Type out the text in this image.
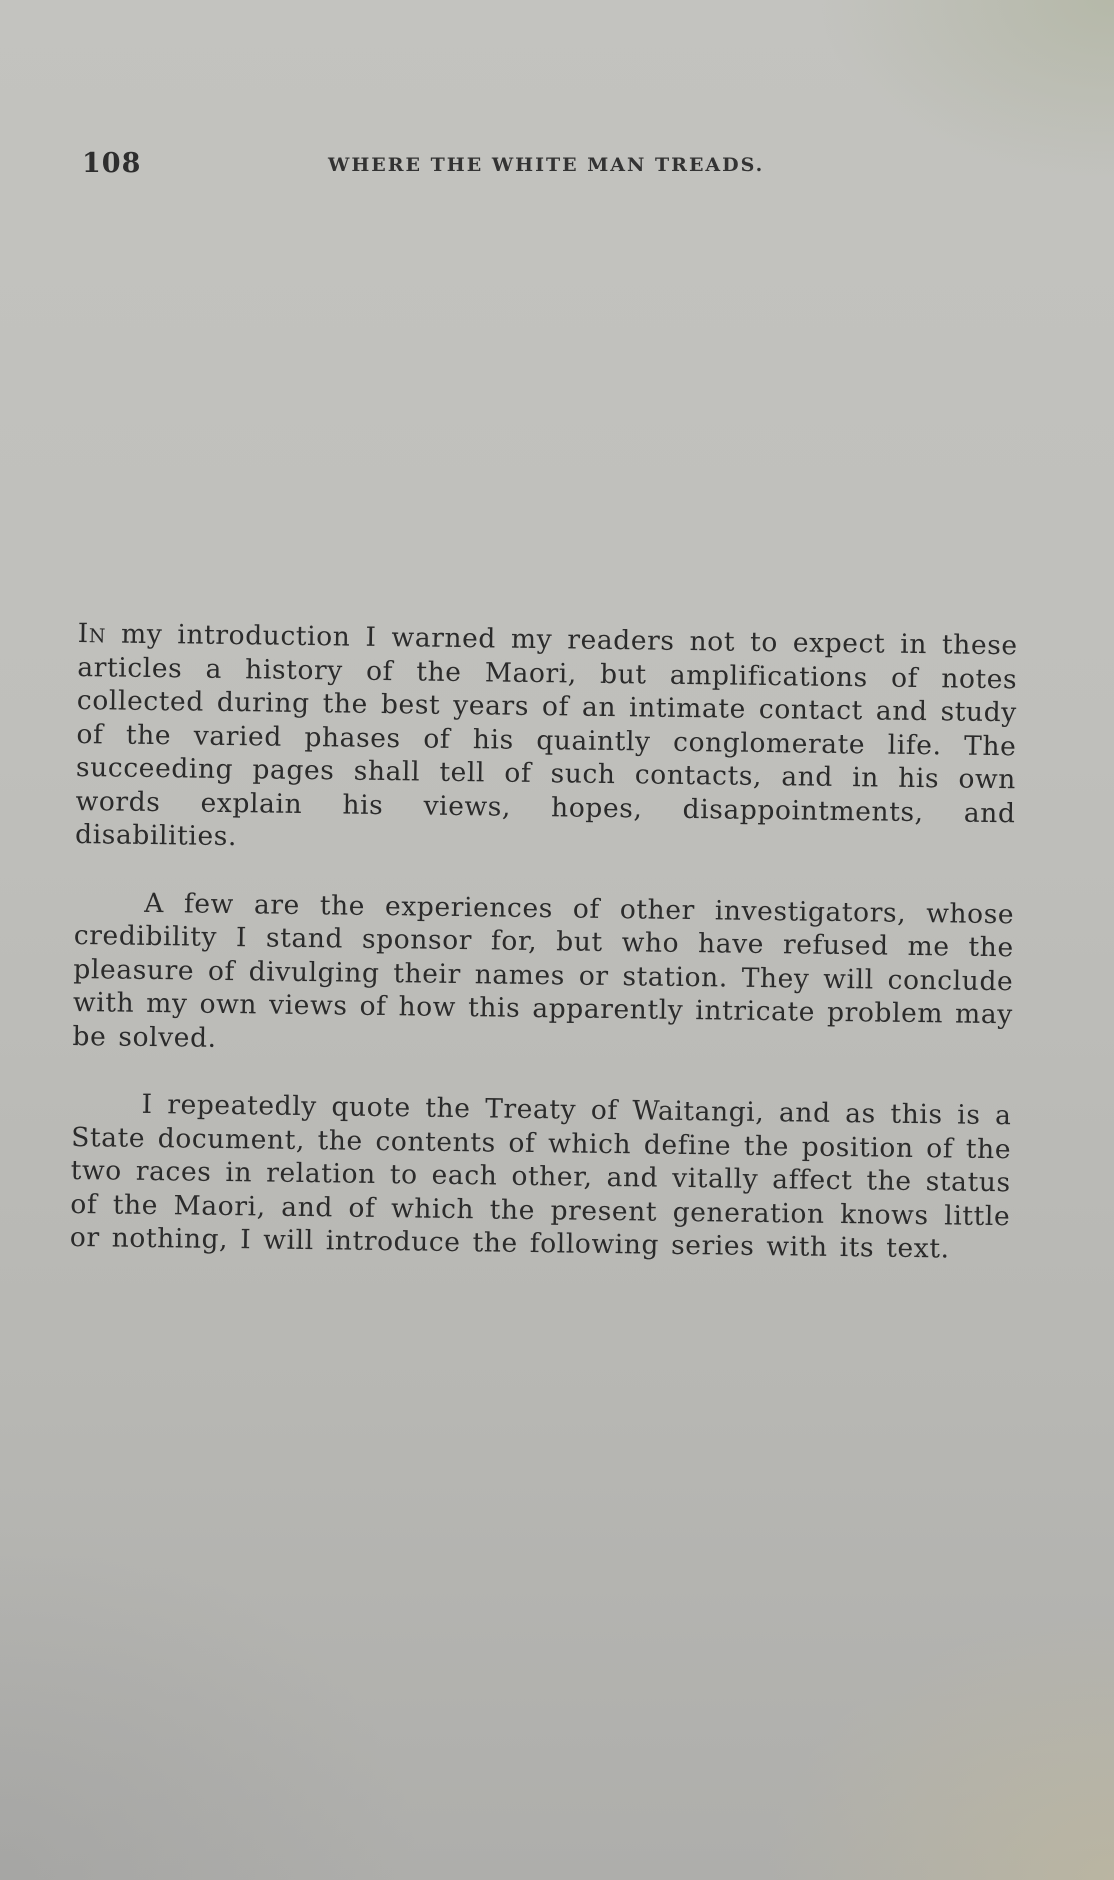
108	WHERE THE WHITE MAN TREADS.

In my introduction I warned my readers not to expect in these articles a history of the Maori, but amplifications of notes collected during the best years of an intimate contact and study of the varied phases of his quaintly conglomerate life. The succeeding pages shall tell of such contacts, and in his own words explain his views, hopes, disappointments, and disabilities.

A few are the experiences of other investigators, whose credibility I stand sponsor for, but who have refused me the pleasure of divulging their names or station. They will conclude with my own views of how this apparently intricate problem may be solved.

I repeatedly quote the Treaty of Waitangi, and as this is a State document, the contents of which define the position of the two races in relation to each other, and vitally affect the status of the Maori, and of which the present generation knows little or nothing, I will introduce the following series with its text.
